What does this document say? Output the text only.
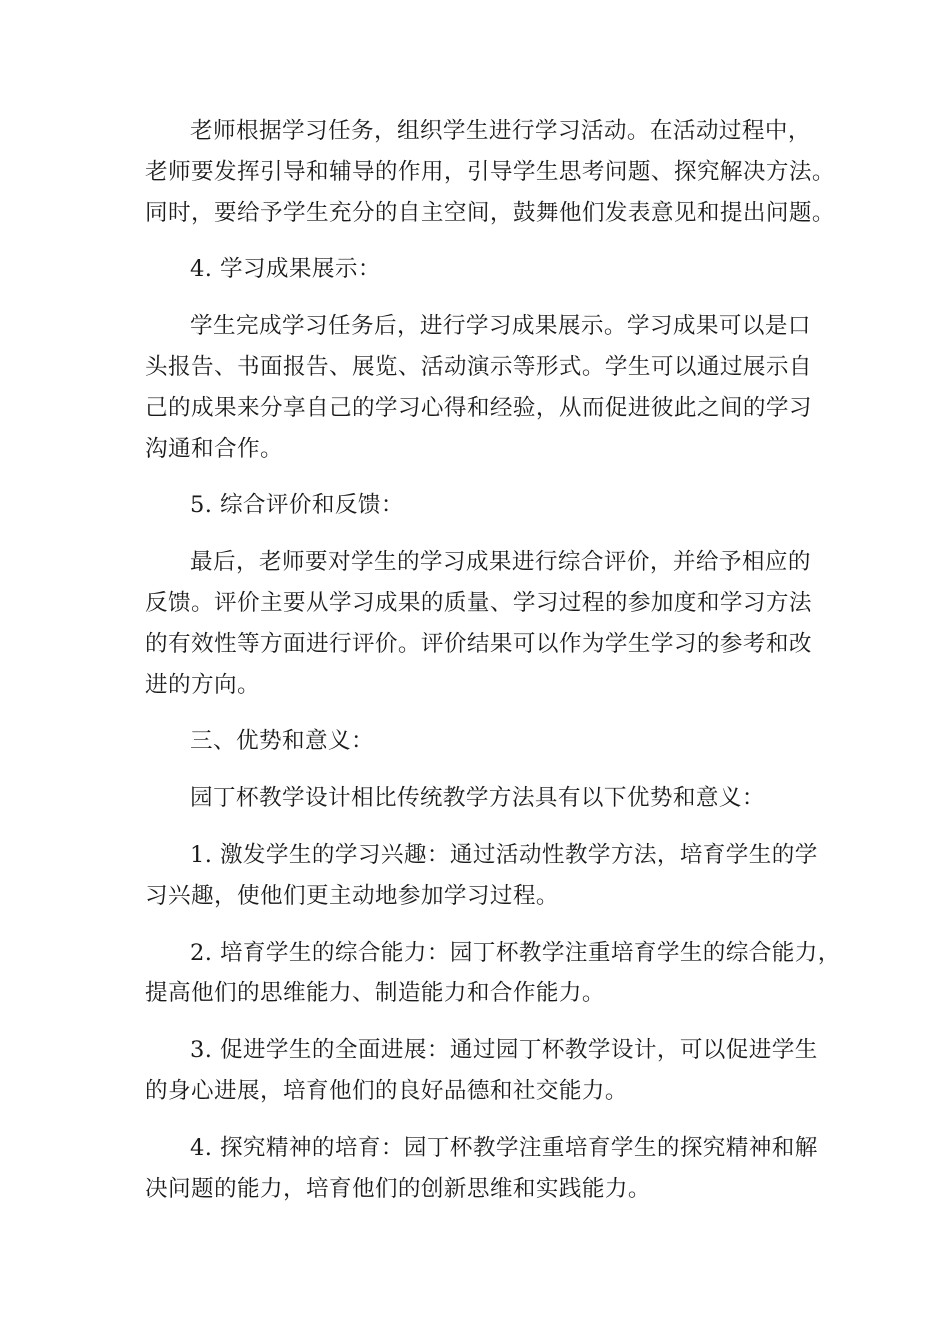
老师根据学习任务，组织学生进行学习活动。在活动过程中，
老师要发挥引导和辅导的作用，引导学生思考问题、探究解决方法。
同时，要给予学生充分的自主空间，鼓舞他们发表意见和提出问题。
4. 学习成果展示：
学生完成学习任务后，进行学习成果展示。学习成果可以是口
头报告、书面报告、展览、活动演示等形式。学生可以通过展示自
己的成果来分享自己的学习心得和经验，从而促进彼此之间的学习
沟通和合作。
5. 综合评价和反馈：
最后，老师要对学生的学习成果进行综合评价，并给予相应的
反馈。评价主要从学习成果的质量、学习过程的参加度和学习方法
的有效性等方面进行评价。评价结果可以作为学生学习的参考和改
进的方向。
三、优势和意义：
园丁杯教学设计相比传统教学方法具有以下优势和意义：
1. 激发学生的学习兴趣：通过活动性教学方法，培育学生的学
习兴趣，使他们更主动地参加学习过程。
2. 培育学生的综合能力：园丁杯教学注重培育学生的综合能力，
提高他们的思维能力、制造能力和合作能力。
3. 促进学生的全面进展：通过园丁杯教学设计，可以促进学生
的身心进展，培育他们的良好品德和社交能力。
4. 探究精神的培育：园丁杯教学注重培育学生的探究精神和解
决问题的能力，培育他们的创新思维和实践能力。
